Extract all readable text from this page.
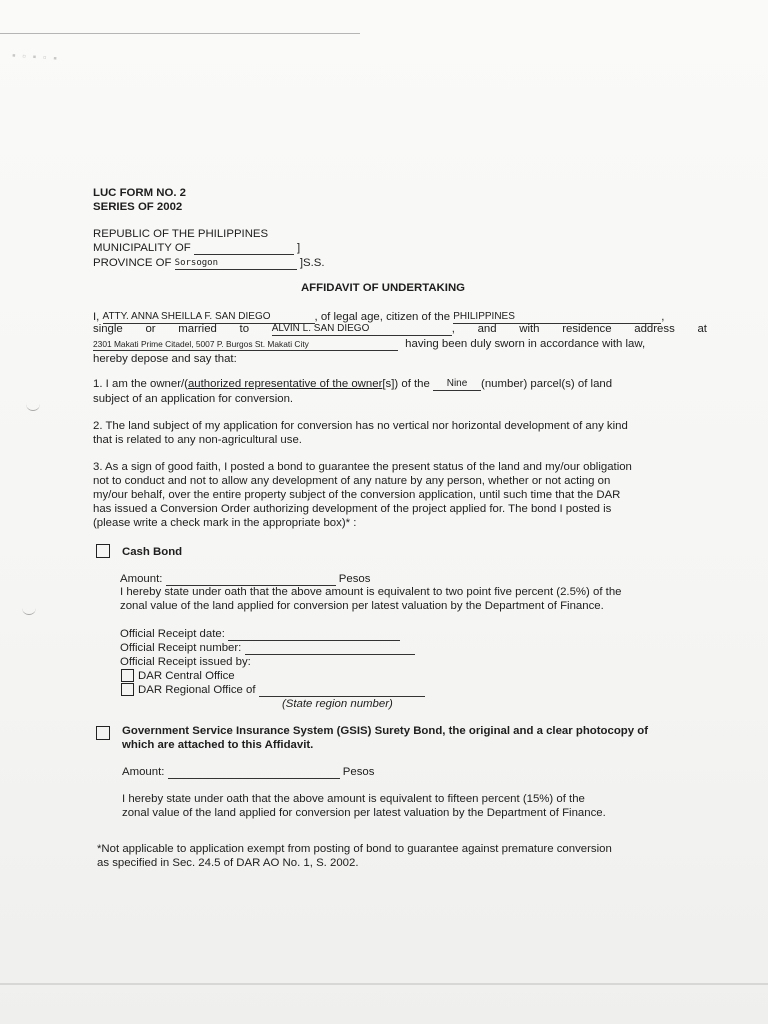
▪ ▫ ▪ ▫ ▪
LUC FORM NO. 2
SERIES OF 2002
REPUBLIC OF THE PHILIPPINES
MUNICIPALITY OF	]
PROVINCE OF Sorsogon	]S.S.
AFFIDAVIT OF UNDERTAKING
I, ATTY. ANNA SHEILLA F. SAN DIEGO	, of legal age, citizen of the PHILIPPINES	,
single or married to ALVIN L. SAN DIEGO	, and with residence address at
2301 Makati Prime Citadel, 5007 P. Burgos St. Makati City	having been duly sworn in accordance with law,
hereby depose and say that:
1. I am the owner/(authorized representative of the owner[s]) of the Nine (number) parcel(s) of land
subject of an application for conversion.
2. The land subject of my application for conversion has no vertical nor horizontal development of any kind
that is related to any non-agricultural use.
3. As a sign of good faith, I posted a bond to guarantee the present status of the land and my/our obligation
not to conduct and not to allow any development of any nature by any person, whether or not acting on
my/our behalf, over the entire property subject of the conversion application, until such time that the DAR
has issued a Conversion Order authorizing development of the project applied for. The bond I posted is
(please write a check mark in the appropriate box)* :
Cash Bond
Amount:	Pesos
I hereby state under oath that the above amount is equivalent to two point five percent (2.5%) of the
zonal value of the land applied for conversion per latest valuation by the Department of Finance.
Official Receipt date:
Official Receipt number:
Official Receipt issued by:
DAR Central Office
DAR Regional Office of
(State region number)
Government Service Insurance System (GSIS) Surety Bond, the original and a clear photocopy of
which are attached to this Affidavit.
Amount:	Pesos
I hereby state under oath that the above amount is equivalent to fifteen percent (15%) of the
zonal value of the land applied for conversion per latest valuation by the Department of Finance.
*Not applicable to application exempt from posting of bond to guarantee against premature conversion
as specified in Sec. 24.5 of DAR AO No. 1, S. 2002.
